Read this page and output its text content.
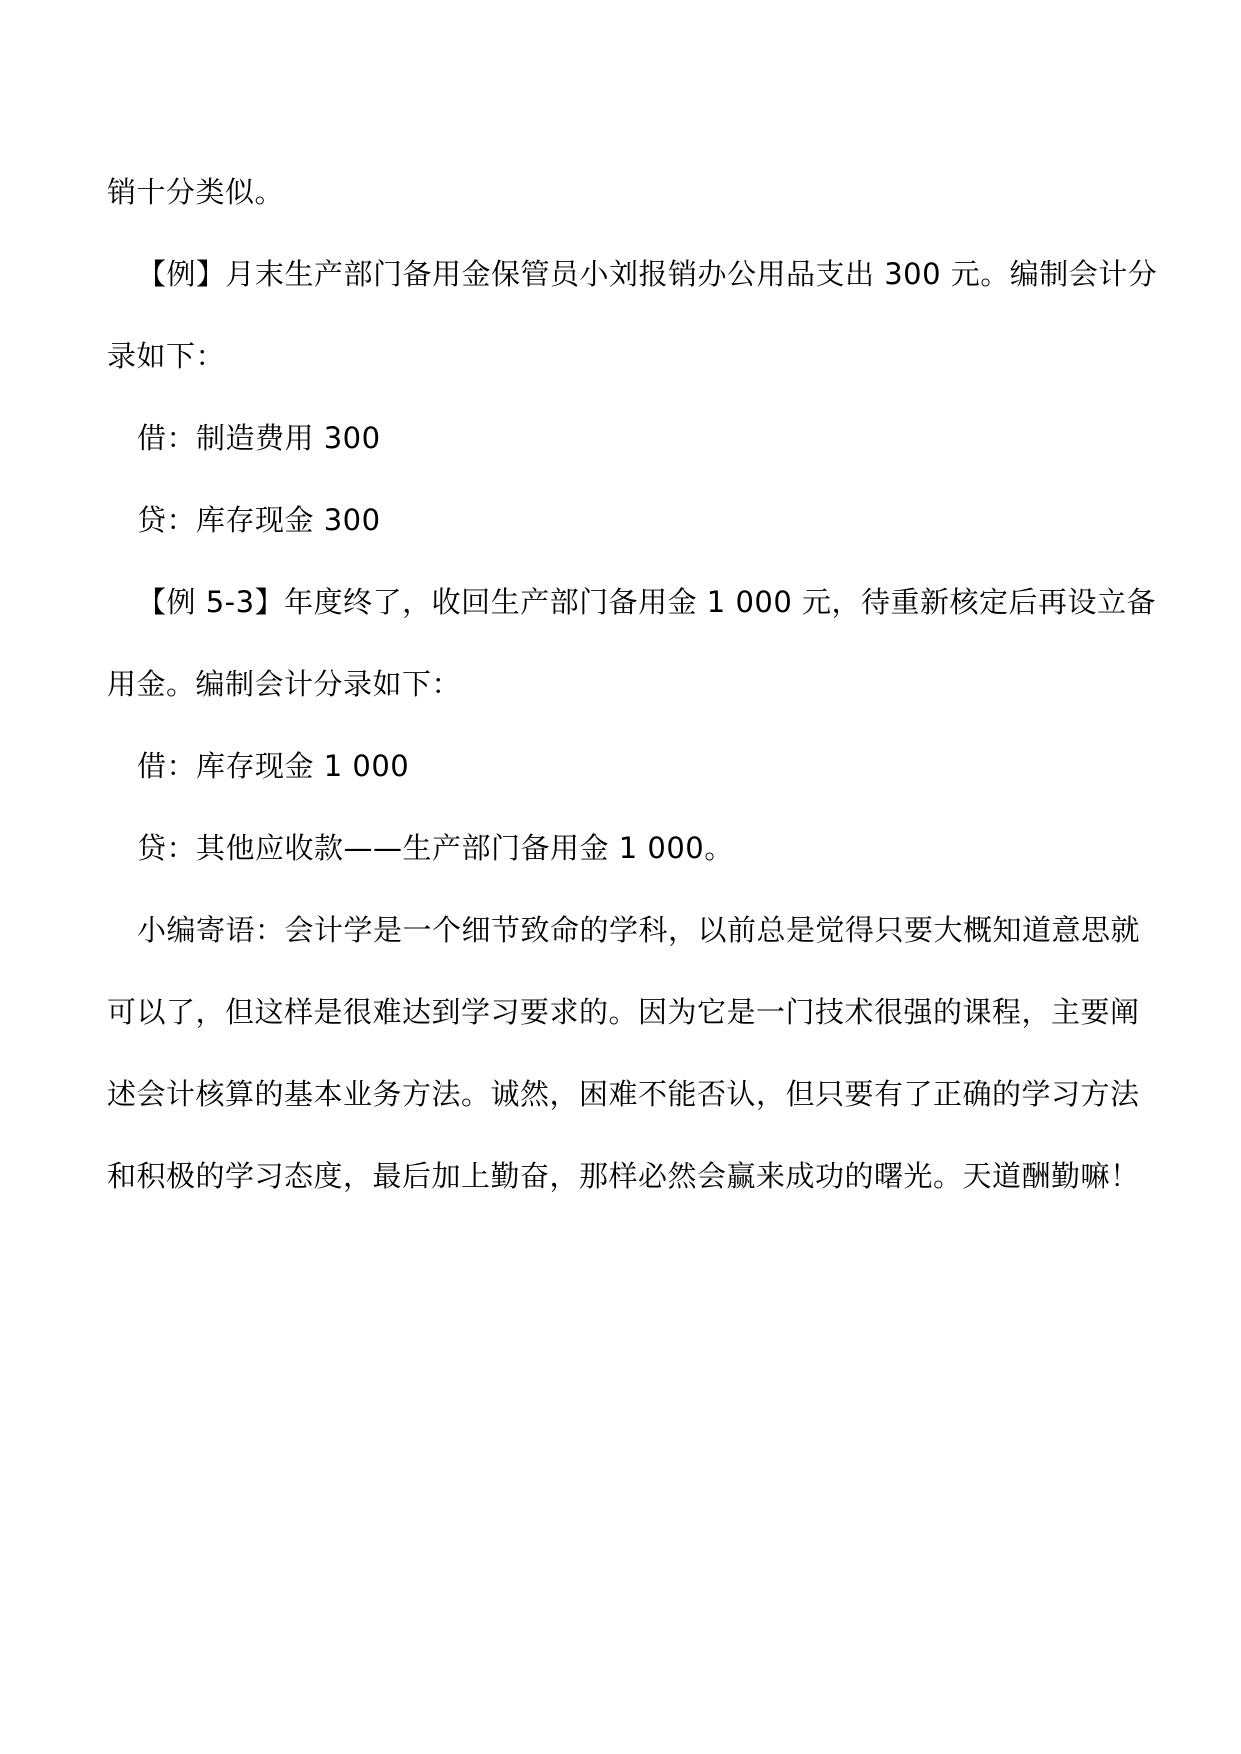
销十分类似。
【例】月末生产部门备用金保管员小刘报销办公用品支出 300 元。编制会计分
录如下：
借：制造费用 300
贷：库存现金 300
【例 5-3】年度终了，收回生产部门备用金 1 000 元，待重新核定后再设立备
用金。编制会计分录如下：
借：库存现金 1 000
贷：其他应收款——生产部门备用金 1 000。
小编寄语：会计学是一个细节致命的学科，以前总是觉得只要大概知道意思就
可以了，但这样是很难达到学习要求的。因为它是一门技术很强的课程，主要阐
述会计核算的基本业务方法。诚然，困难不能否认，但只要有了正确的学习方法
和积极的学习态度，最后加上勤奋，那样必然会赢来成功的曙光。天道酬勤嘛！
